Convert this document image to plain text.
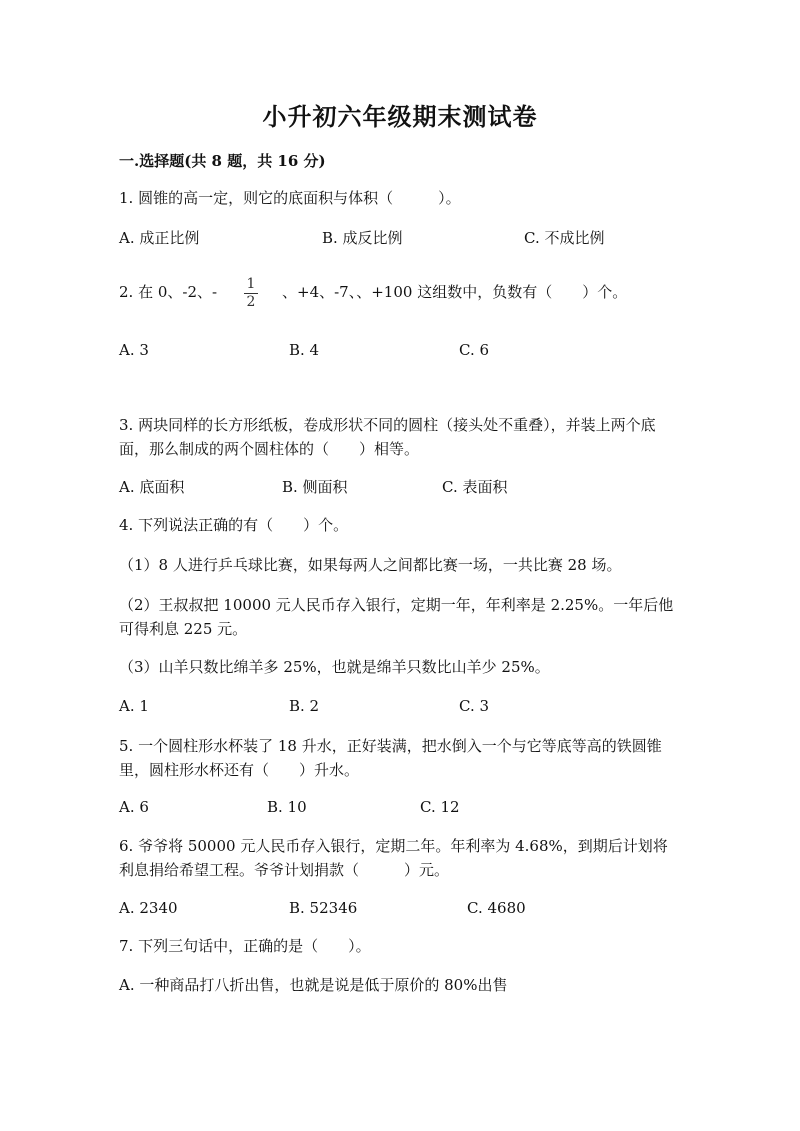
小升初六年级期末测试卷
一.选择题(共 8 题，共 16 分)
1. 圆锥的高一定，则它的底面积与体积（　　　）。
A. 成正比例	B. 成反比例	C. 不成比例
2. 在 0、-2、- $\frac{1}{2}$ 、+4、-7、、+100 这组数中，负数有（　　）个。
A. 3	B. 4	C. 6
3. 两块同样的长方形纸板，卷成形状不同的圆柱（接头处不重叠），并装上两个底面，那么制成的两个圆柱体的（　　）相等。
A. 底面积	B. 侧面积	C. 表面积
4. 下列说法正确的有（　　）个。
（1）8 人进行乒乓球比赛，如果每两人之间都比赛一场，一共比赛 28 场。
（2）王叔叔把 10000 元人民币存入银行，定期一年，年利率是 2.25%。一年后他可得利息 225 元。
（3）山羊只数比绵羊多 25%，也就是绵羊只数比山羊少 25%。
A. 1	B. 2	C. 3
5. 一个圆柱形水杯装了 18 升水，正好装满，把水倒入一个与它等底等高的铁圆锥里，圆柱形水杯还有（　　）升水。
A. 6	B. 10	C. 12
6. 爷爷将 50000 元人民币存入银行，定期二年。年利率为 4.68%，到期后计划将利息捐给希望工程。爷爷计划捐款（　　　）元。
A. 2340	B. 52346	C. 4680
7. 下列三句话中，正确的是（　　）。
A. 一种商品打八折出售，也就是说是低于原价的 80%出售
